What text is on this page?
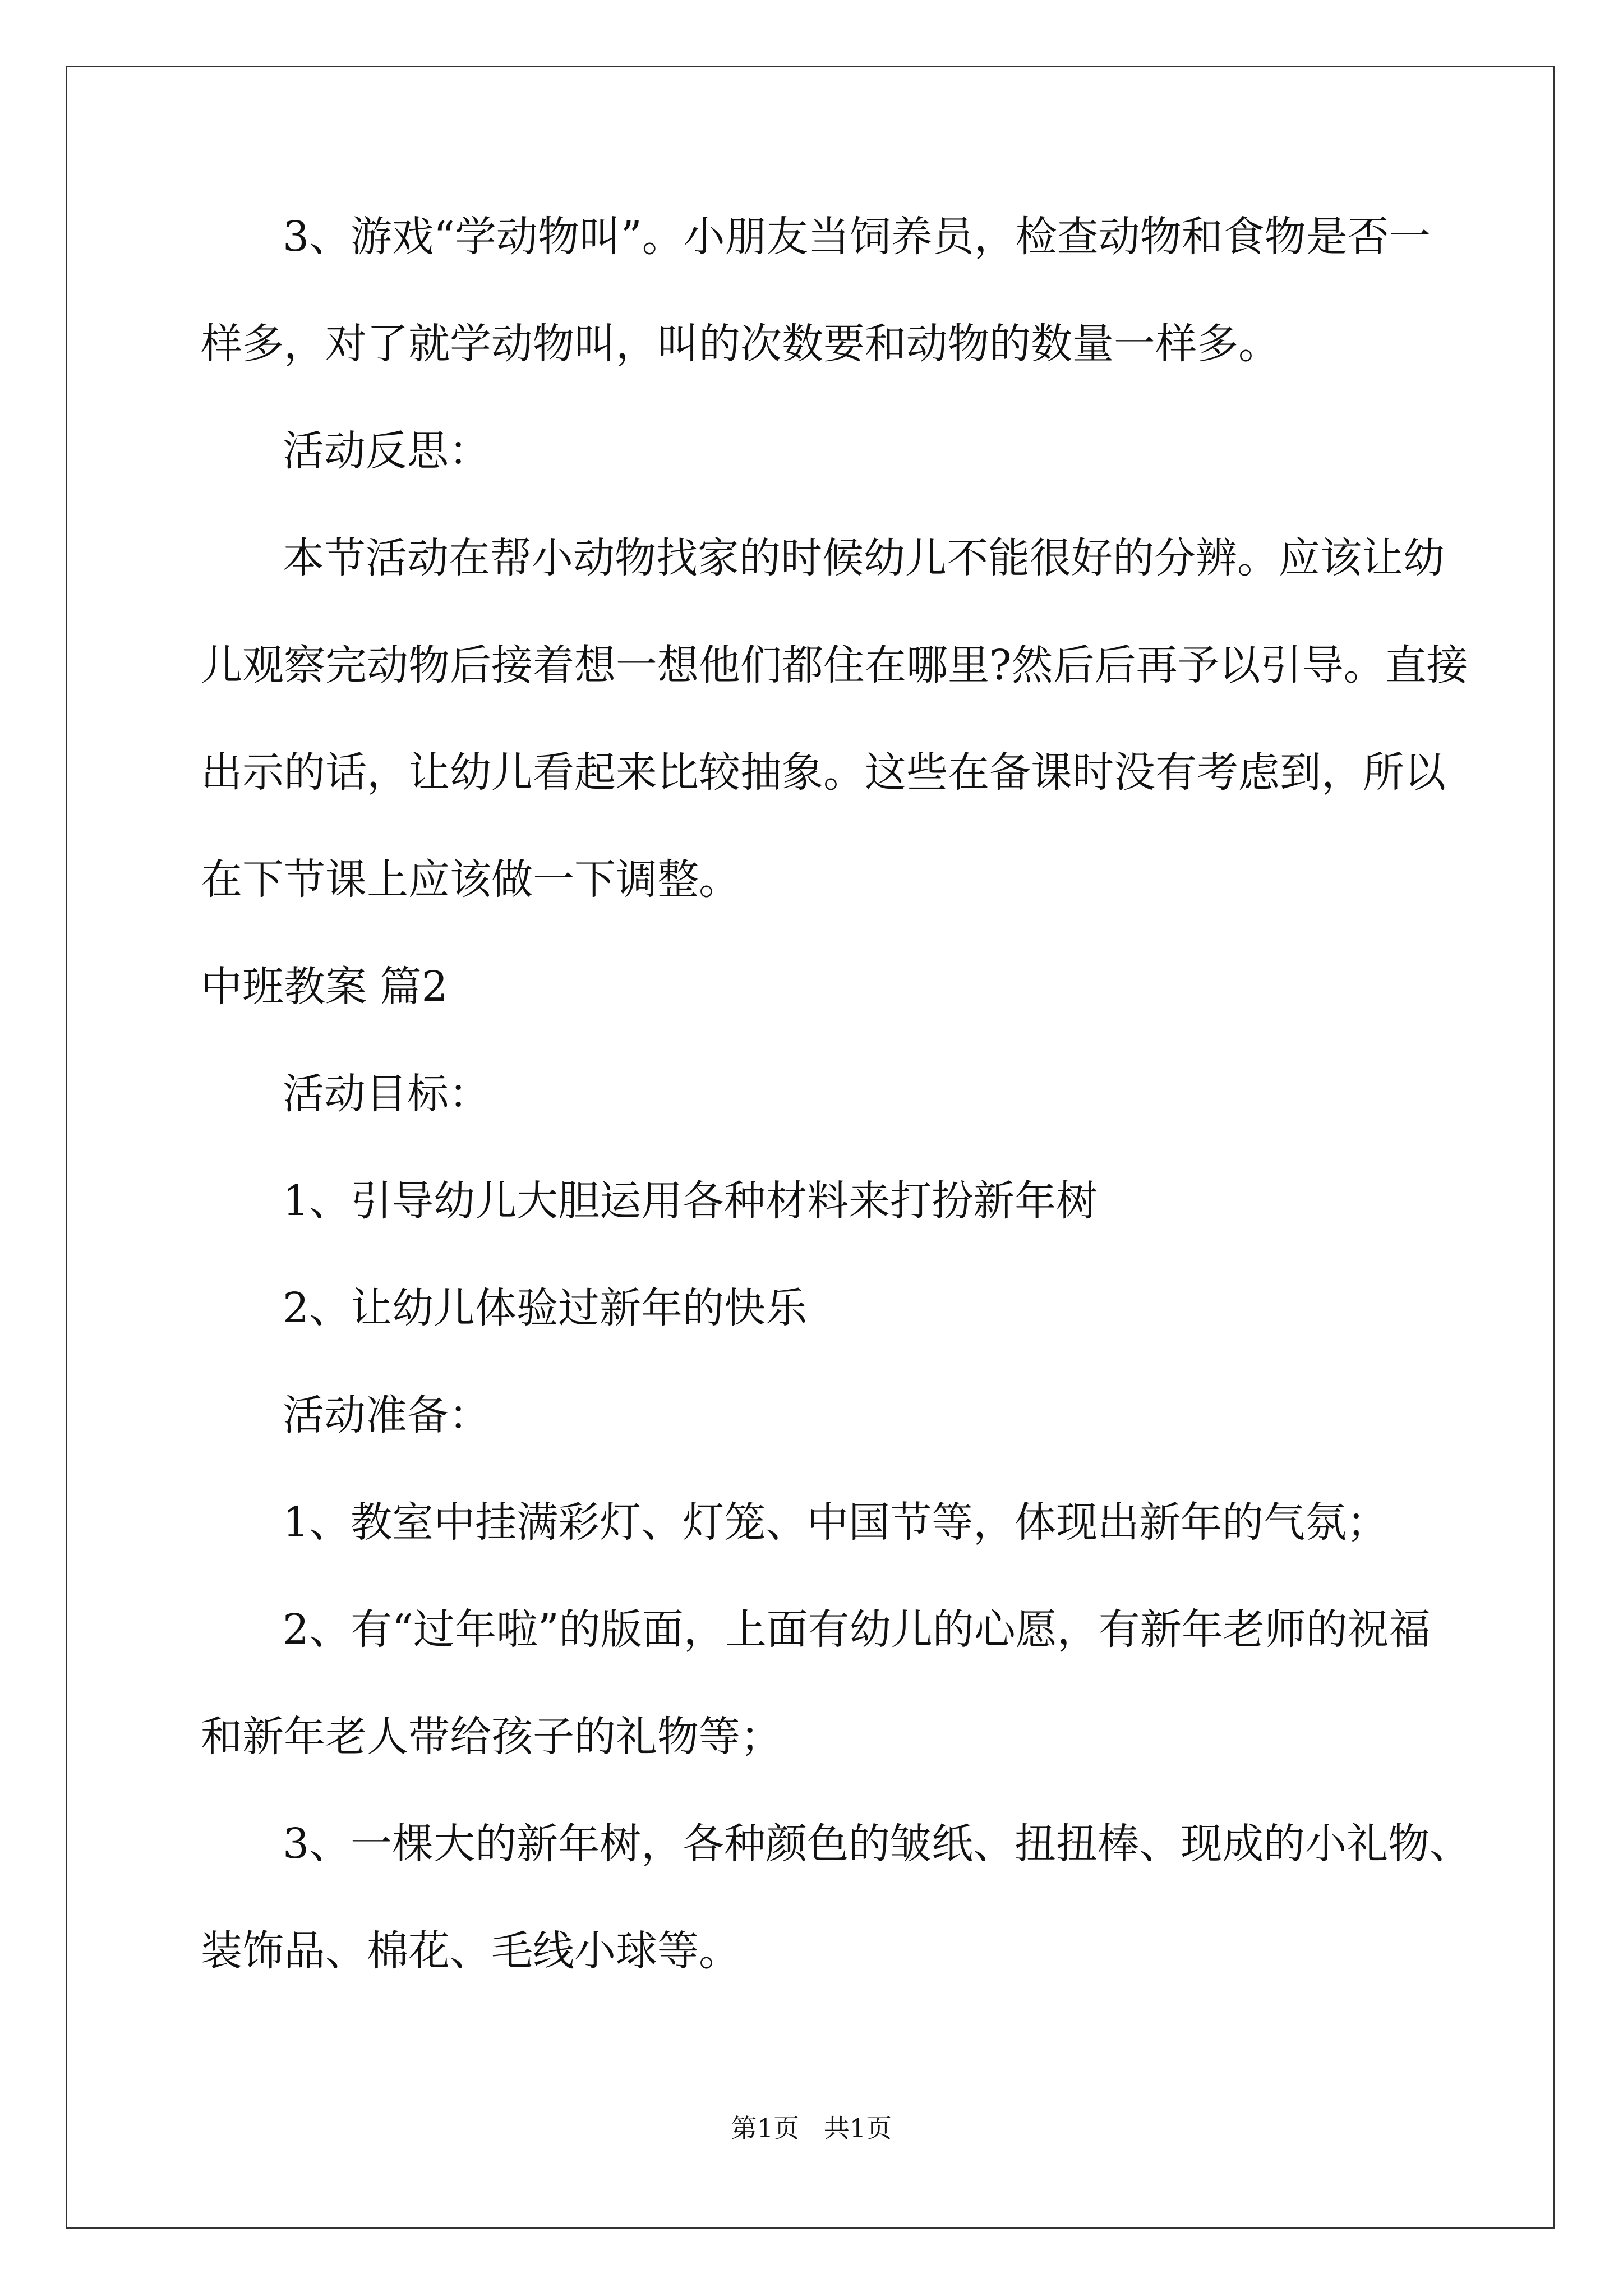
3、游戏“学动物叫”。小朋友当饲养员，检查动物和食物是否一
样多，对了就学动物叫，叫的次数要和动物的数量一样多。
活动反思：
本节活动在帮小动物找家的时候幼儿不能很好的分辨。应该让幼
儿观察完动物后接着想一想他们都住在哪里?然后后再予以引导。直接
出示的话，让幼儿看起来比较抽象。这些在备课时没有考虑到，所以
在下节课上应该做一下调整。
中班教案 篇2
活动目标：
1、引导幼儿大胆运用各种材料来打扮新年树
2、让幼儿体验过新年的快乐
活动准备：
1、教室中挂满彩灯、灯笼、中国节等，体现出新年的气氛；
2、有“过年啦”的版面，上面有幼儿的心愿，有新年老师的祝福
和新年老人带给孩子的礼物等；
3、一棵大的新年树，各种颜色的皱纸、扭扭棒、现成的小礼物、
装饰品、棉花、毛线小球等。
第1页   共1页
